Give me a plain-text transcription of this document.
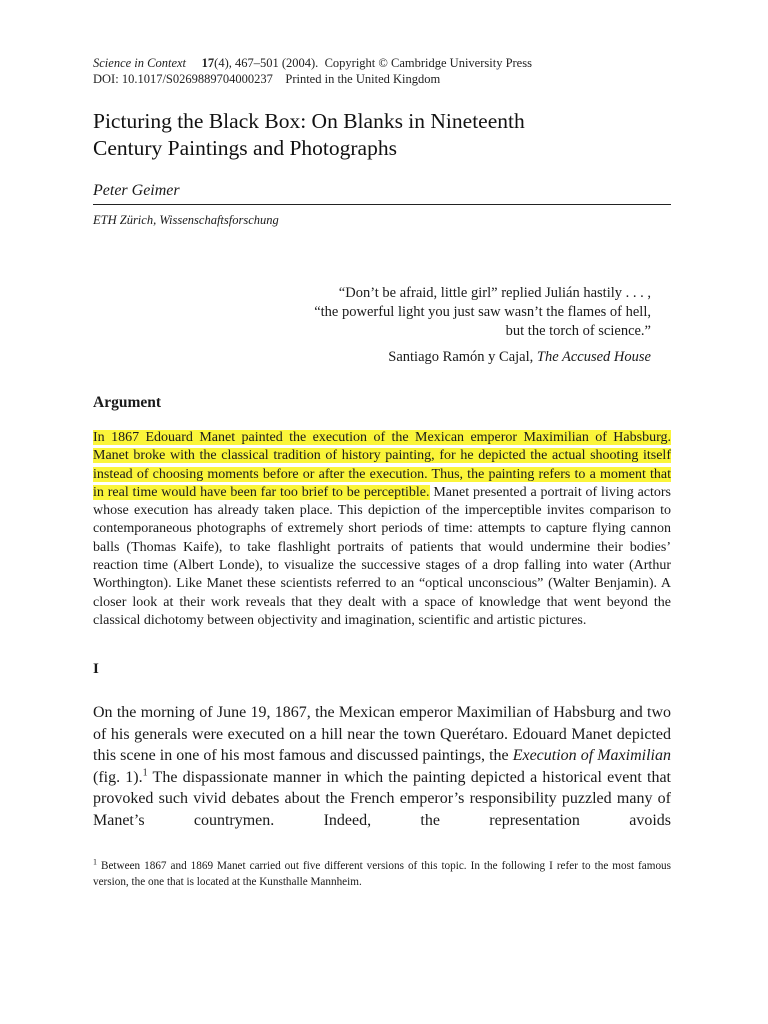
Science in Context 17(4), 467–501 (2004). Copyright © Cambridge University Press
DOI: 10.1017/S0269889704000237 Printed in the United Kingdom
Picturing the Black Box: On Blanks in Nineteenth
Century Paintings and Photographs
Peter Geimer
ETH Zürich, Wissenschaftsforschung
“Don’t be afraid, little girl” replied Julián hastily . . . ,
“the powerful light you just saw wasn’t the flames of hell,
but the torch of science.”
Santiago Ramón y Cajal, The Accused House
Argument
In 1867 Edouard Manet painted the execution of the Mexican emperor Maximilian of Habsburg. Manet broke with the classical tradition of history painting, for he depicted the actual shooting itself instead of choosing moments before or after the execution. Thus, the painting refers to a moment that in real time would have been far too brief to be perceptible. Manet presented a portrait of living actors whose execution has already taken place. This depiction of the imperceptible invites comparison to contemporaneous photographs of extremely short periods of time: attempts to capture flying cannon balls (Thomas Kaife), to take flashlight portraits of patients that would undermine their bodies’ reaction time (Albert Londe), to visualize the successive stages of a drop falling into water (Arthur Worthington). Like Manet these scientists referred to an “optical unconscious” (Walter Benjamin). A closer look at their work reveals that they dealt with a space of knowledge that went beyond the classical dichotomy between objectivity and imagination, scientific and artistic pictures.
I
On the morning of June 19, 1867, the Mexican emperor Maximilian of Habsburg and two of his generals were executed on a hill near the town Querétaro. Edouard Manet depicted this scene in one of his most famous and discussed paintings, the Execution of Maximilian (fig. 1).$^1$ The dispassionate manner in which the painting depicted a historical event that provoked such vivid debates about the French emperor’s responsibility puzzled many of Manet’s countrymen. Indeed, the representation avoids
$^1$ Between 1867 and 1869 Manet carried out five different versions of this topic. In the following I refer to the most famous version, the one that is located at the Kunsthalle Mannheim.
